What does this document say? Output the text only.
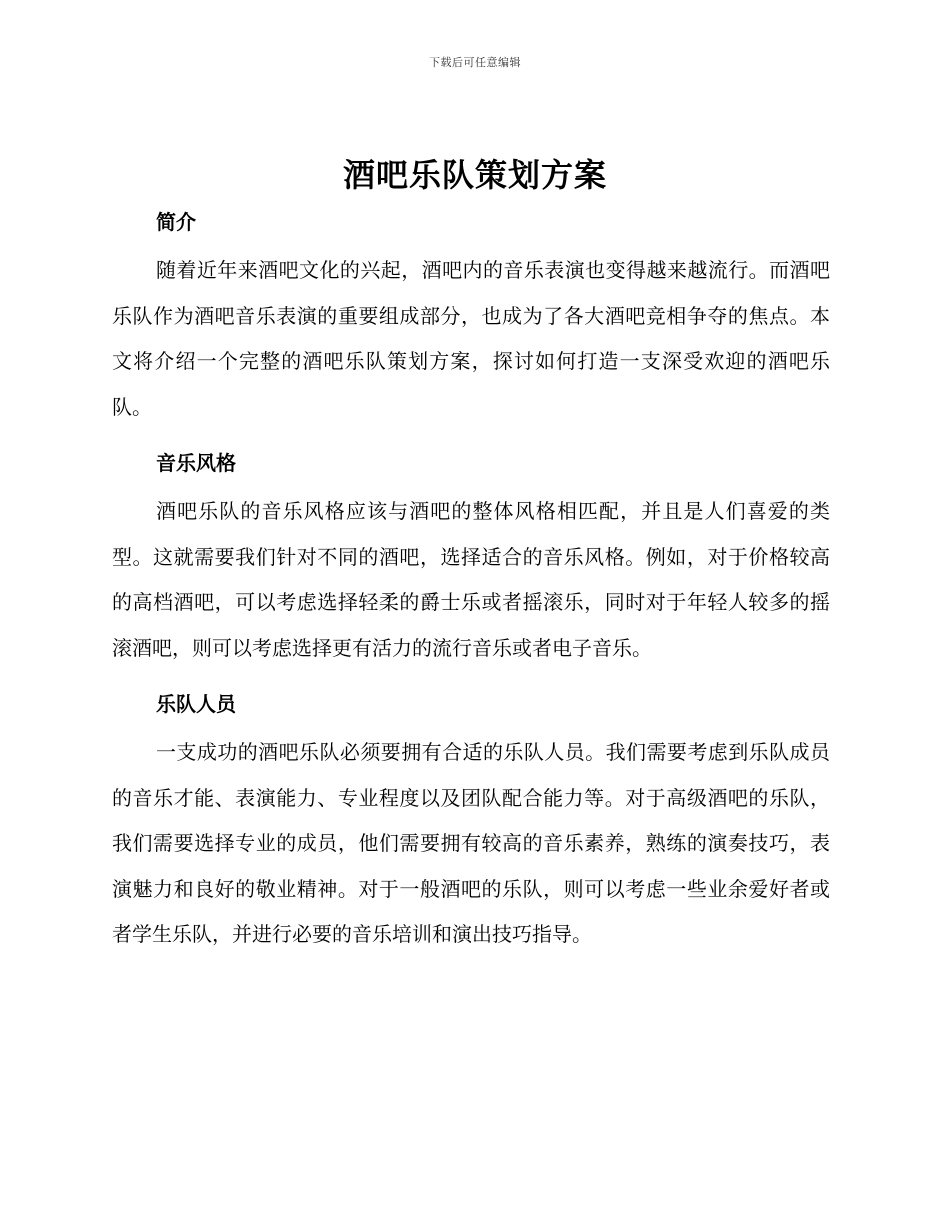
下载后可任意编辑
酒吧乐队策划方案
简介

随着近年来酒吧文化的兴起，酒吧内的音乐表演也变得越来越流行。而酒吧乐队作为酒吧音乐表演的重要组成部分，也成为了各大酒吧竞相争夺的焦点。本文将介绍一个完整的酒吧乐队策划方案，探讨如何打造一支深受欢迎的酒吧乐队。

音乐风格

酒吧乐队的音乐风格应该与酒吧的整体风格相匹配，并且是人们喜爱的类型。这就需要我们针对不同的酒吧，选择适合的音乐风格。例如，对于价格较高的高档酒吧，可以考虑选择轻柔的爵士乐或者摇滚乐，同时对于年轻人较多的摇滚酒吧，则可以考虑选择更有活力的流行音乐或者电子音乐。

乐队人员

一支成功的酒吧乐队必须要拥有合适的乐队人员。我们需要考虑到乐队成员的音乐才能、表演能力、专业程度以及团队配合能力等。对于高级酒吧的乐队，我们需要选择专业的成员，他们需要拥有较高的音乐素养，熟练的演奏技巧，表演魅力和良好的敬业精神。对于一般酒吧的乐队，则可以考虑一些业余爱好者或者学生乐队，并进行必要的音乐培训和演出技巧指导。
